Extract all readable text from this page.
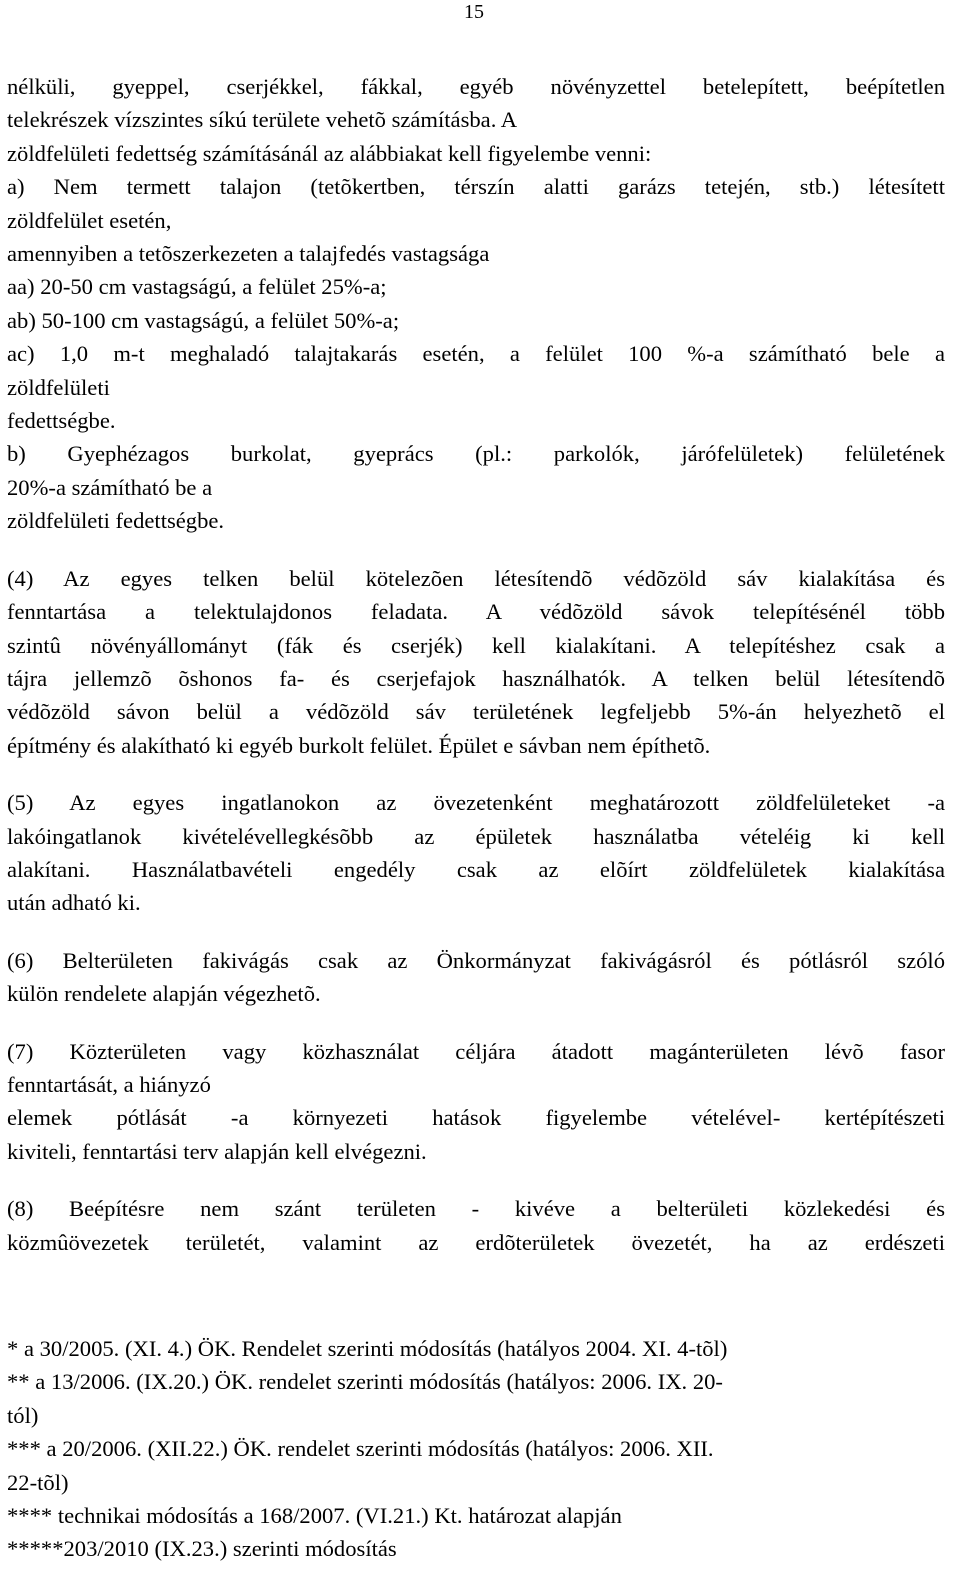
15
nélküli, gyeppel, cserjékkel, fákkal, egyéb növényzettel betelepített, beépítetlen
telekrészek vízszintes síkú területe vehetõ számításba. A
zöldfelületi fedettség számításánál az alábbiakat kell figyelembe venni:
a) Nem termett talajon (tetõkertben, térszín alatti garázs tetején, stb.) létesített
zöldfelület esetén,
amennyiben a tetõszerkezeten a talajfedés vastagsága
aa) 20-50 cm vastagságú, a felület 25%-a;
ab) 50-100 cm vastagságú, a felület 50%-a;
ac) 1,0 m-t meghaladó talajtakarás esetén, a felület 100 %-a számítható bele a
zöldfelületi
fedettségbe.
b) Gyephézagos burkolat, gyeprács (pl.: parkolók, járófelületek) felületének
20%-a számítható be a
zöldfelületi fedettségbe.
(4) Az egyes telken belül kötelezõen létesítendõ védõzöld sáv kialakítása és
fenntartása a telektulajdonos feladata. A védõzöld sávok telepítésénél több
szintû növényállományt (fák és cserjék) kell kialakítani. A telepítéshez csak a
tájra jellemzõ õshonos fa- és cserjefajok használhatók. A telken belül létesítendõ
védõzöld sávon belül a védõzöld sáv területének legfeljebb 5%-án helyezhetõ el
építmény és alakítható ki egyéb burkolt felület. Épület e sávban nem építhetõ.
(5) Az egyes ingatlanokon az övezetenként meghatározott zöldfelületeket -a
lakóingatlanok kivételévellegkésõbb az épületek használatba vételéig ki kell
alakítani. Használatbavételi engedély csak az elõírt zöldfelületek kialakítása
után adható ki.
(6) Belterületen fakivágás csak az Önkormányzat fakivágásról és pótlásról szóló
külön rendelete alapján végezhetõ.
(7) Közterületen vagy közhasználat céljára átadott magánterületen lévõ fasor
fenntartását, a hiányzó
elemek pótlását -a környezeti hatások figyelembe vételével- kertépítészeti
kiviteli, fenntartási terv alapján kell elvégezni.
(8) Beépítésre nem szánt területen - kivéve a belterületi közlekedési és
közmûövezetek területét, valamint az erdõterületek övezetét, ha az erdészeti
* a 30/2005. (XI. 4.) ÖK. Rendelet szerinti módosítás (hatályos 2004. XI. 4-tõl)
** a 13/2006. (IX.20.) ÖK. rendelet szerinti módosítás (hatályos: 2006. IX. 20-
tól)
*** a 20/2006. (XII.22.) ÖK. rendelet szerinti módosítás (hatályos: 2006. XII.
22-tõl)
**** technikai módosítás a 168/2007. (VI.21.) Kt. határozat alapján
*****203/2010 (IX.23.) szerinti módosítás
